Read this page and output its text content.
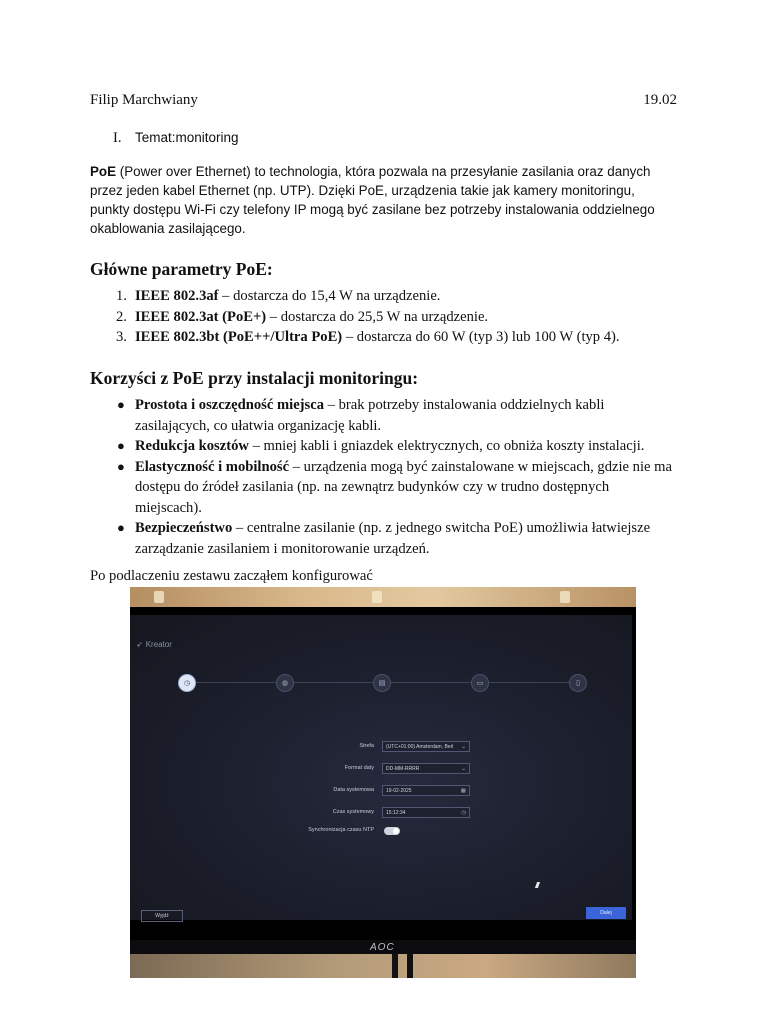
Filip Marchwiany	19.02
I. Temat:monitoring

PoE (Power over Ethernet) to technologia, która pozwala na przesyłanie zasilania oraz danych przez jeden kabel Ethernet (np. UTP). Dzięki PoE, urządzenia takie jak kamery monitoringu, punkty dostępu Wi-Fi czy telefony IP mogą być zasilane bez potrzeby instalowania oddzielnego okablowania zasilającego.

Główne parametry PoE:
1. IEEE 802.3af – dostarcza do 15,4 W na urządzenie.
2. IEEE 802.3at (PoE+) – dostarcza do 25,5 W na urządzenie.
3. IEEE 802.3bt (PoE++/Ultra PoE) – dostarcza do 60 W (typ 3) lub 100 W (typ 4).
Korzyści z PoE przy instalacji monitoringu:
● Prostota i oszczędność miejsca – brak potrzeby instalowania oddzielnych kabli zasilających, co ułatwia organizację kabli.
● Redukcja kosztów – mniej kabli i gniazdek elektrycznych, co obniża koszty instalacji.
● Elastyczność i mobilność – urządzenia mogą być zainstalowane w miejscach, gdzie nie ma dostępu do źródeł zasilania (np. na zewnątrz budynków czy w trudno dostępnych miejscach).
● Bezpieczeństwo – centralne zasilanie (np. z jednego switcha PoE) umożliwia łatwiejsze zarządzanie zasilaniem i monitorowanie urządzeń.
Po podlaczeniu zestawu zacząłem konfigurować
➶ Kreator
◷	◍	▤	▭	▯
Strefa	(UTC+01:00) Amsterdam, Berl ⌄
Format daty	DD-MM-RRRR	⌄
Data systemowa	19-02-2025	▦
Czas systemowy	15:12:34	◷
Synchronizacja czasu NTP
Wyjdź	Dalej
AOC
